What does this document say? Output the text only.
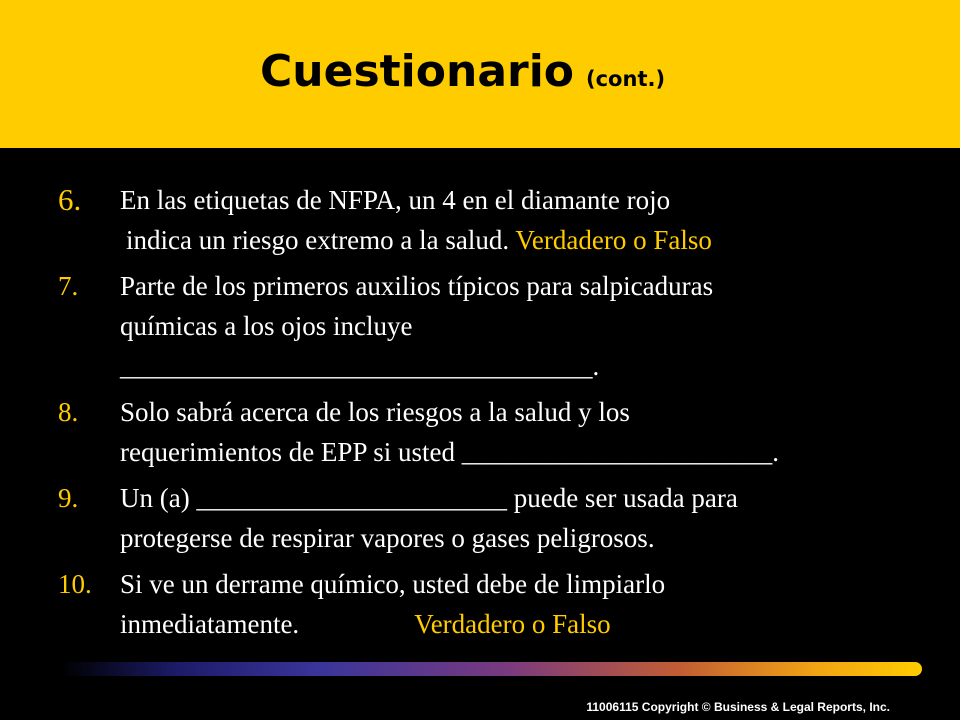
Cuestionario (cont.)
6. En las etiquetas de NFPA, un 4 en el diamante rojo
indica un riesgo extremo a la salud. Verdadero o Falso
7. Parte de los primeros auxilios típicos para salpicaduras
químicas a los ojos incluye
___________________________________.
8. Solo sabrá acerca de los riesgos a la salud y los
requerimientos de EPP si usted _______________________.
9. Un (a) _______________________ puede ser usada para
protegerse de respirar vapores o gases peligrosos.
10. Si ve un derrame químico, usted debe de limpiarlo
inmediatamente.	Verdadero o Falso
11006115 Copyright © Business & Legal Reports, Inc.
